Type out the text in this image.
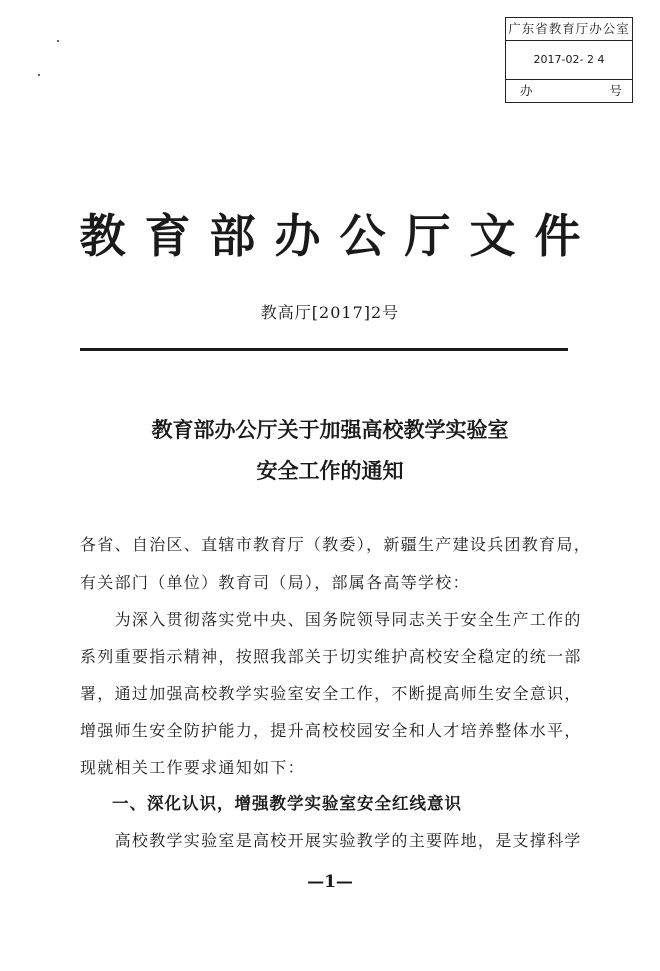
广东省教育厅办公室
2017-02- 2 4
办	号
教育部办公厅文件
教高厅[2017]2号
教育部办公厅关于加强高校教学实验室
安全工作的通知
各省、自治区、直辖市教育厅（教委），新疆生产建设兵团教育局，
有关部门（单位）教育司（局），部属各高等学校：
　　为深入贯彻落实党中央、国务院领导同志关于安全生产工作的
系列重要指示精神，按照我部关于切实维护高校安全稳定的统一部
署，通过加强高校教学实验室安全工作，不断提高师生安全意识，
增强师生安全防护能力，提升高校校园安全和人才培养整体水平，
现就相关工作要求通知如下：
一、深化认识，增强教学实验室安全红线意识
　　高校教学实验室是高校开展实验教学的主要阵地，是支撑科学
—1—
